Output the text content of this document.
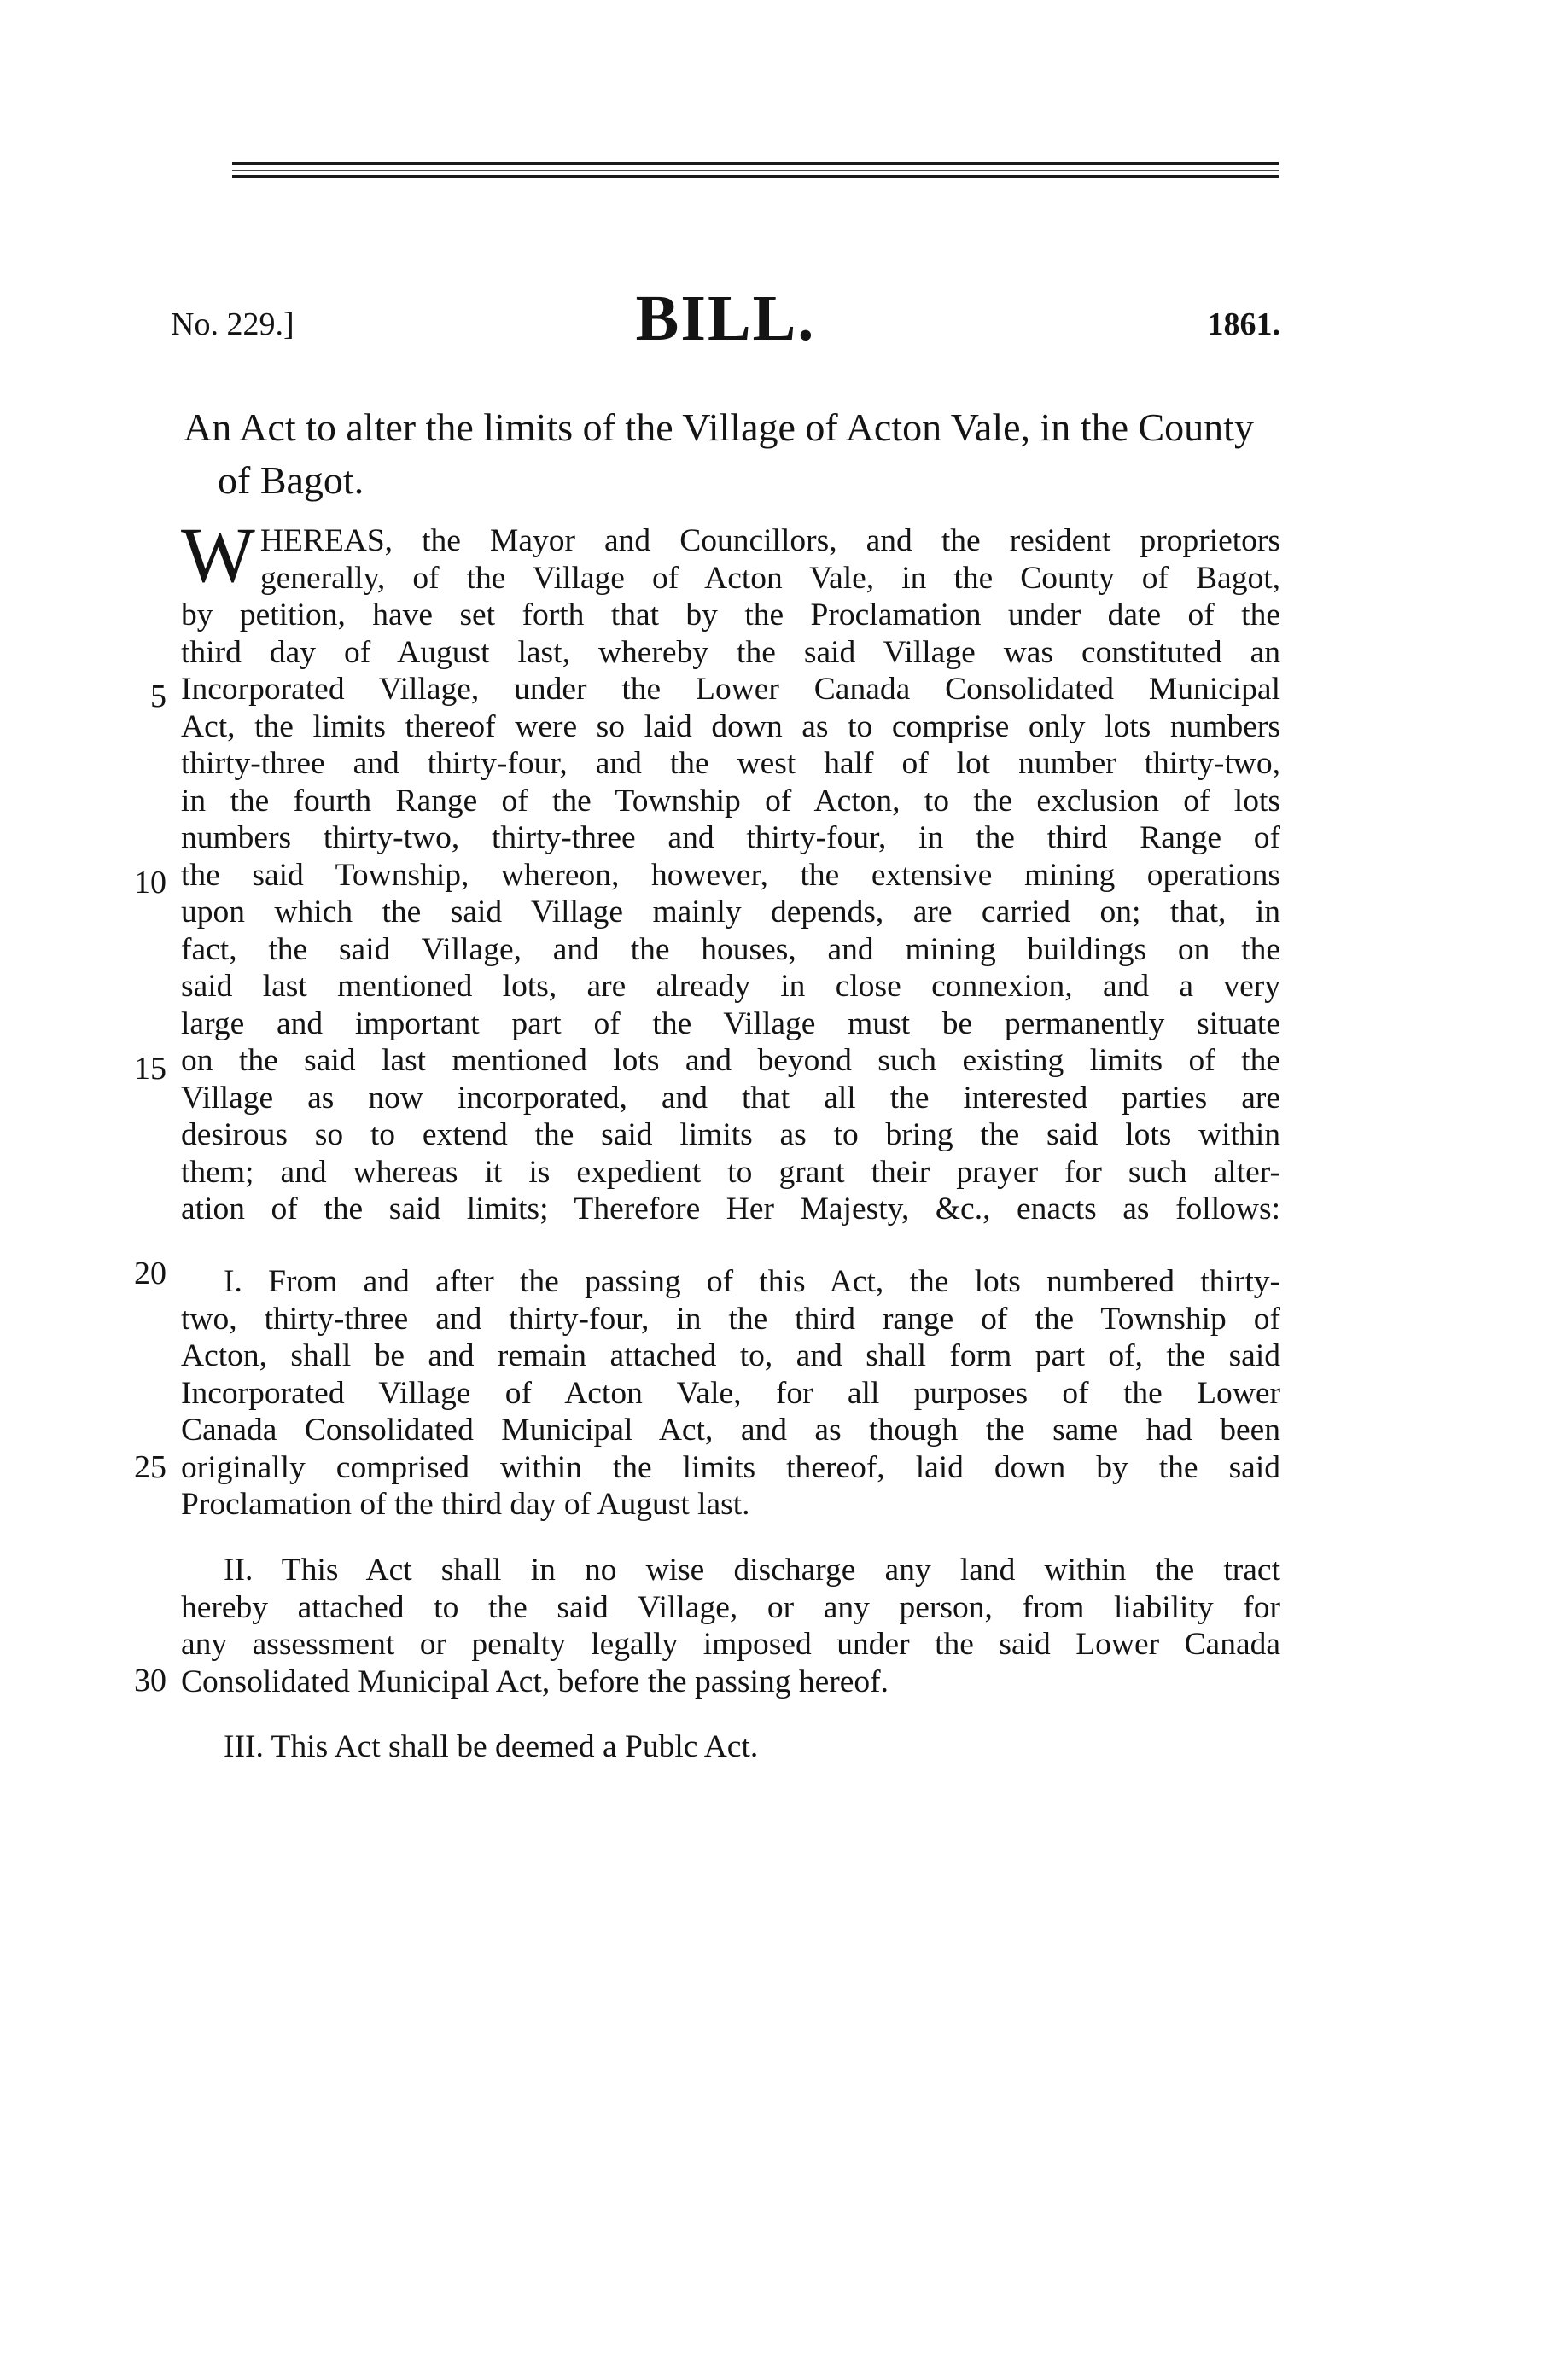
No. 229.]	BILL.	1861.
An Act to alter the limits of the Village of Acton Vale, in the County of Bagot.
W HEREAS, the Mayor and Councillors, and the resident proprietors
generally, of the Village of Acton Vale, in the County of Bagot,
by petition, have set forth that by the Proclamation under date of the
third day of August last, whereby the said Village was constituted an
Incorporated Village, under the Lower Canada Consolidated Municipal
Act, the limits thereof were so laid down as to comprise only lots numbers
thirty-three and thirty-four, and the west half of lot number thirty-two,
in the fourth Range of the Township of Acton, to the exclusion of lots
numbers thirty-two, thirty-three and thirty-four, in the third Range of
the said Township, whereon, however, the extensive mining operations
upon which the said Village mainly depends, are carried on; that, in
fact, the said Village, and the houses, and mining buildings on the
said last mentioned lots, are already in close connexion, and a very
large and important part of the Village must be permanently situate
on the said last mentioned lots and beyond such existing limits of the
Village as now incorporated, and that all the interested parties are
desirous so to extend the said limits as to bring the said lots within
them; and whereas it is expedient to grant their prayer for such alter-
ation of the said limits; Therefore Her Majesty, &c., enacts as follows:
I. From and after the passing of this Act, the lots numbered thirty-
two, thirty-three and thirty-four, in the third range of the Township of
Acton, shall be and remain attached to, and shall form part of, the said
Incorporated Village of Acton Vale, for all purposes of the Lower
Canada Consolidated Municipal Act, and as though the same had been
originally comprised within the limits thereof, laid down by the said
Proclamation of the third day of August last.
II. This Act shall in no wise discharge any land within the tract
hereby attached to the said Village, or any person, from liability for
any assessment or penalty legally imposed under the said Lower Canada
Consolidated Municipal Act, before the passing hereof.
III. This Act shall be deemed a Publc Act.
5
10
15
20
25
30
